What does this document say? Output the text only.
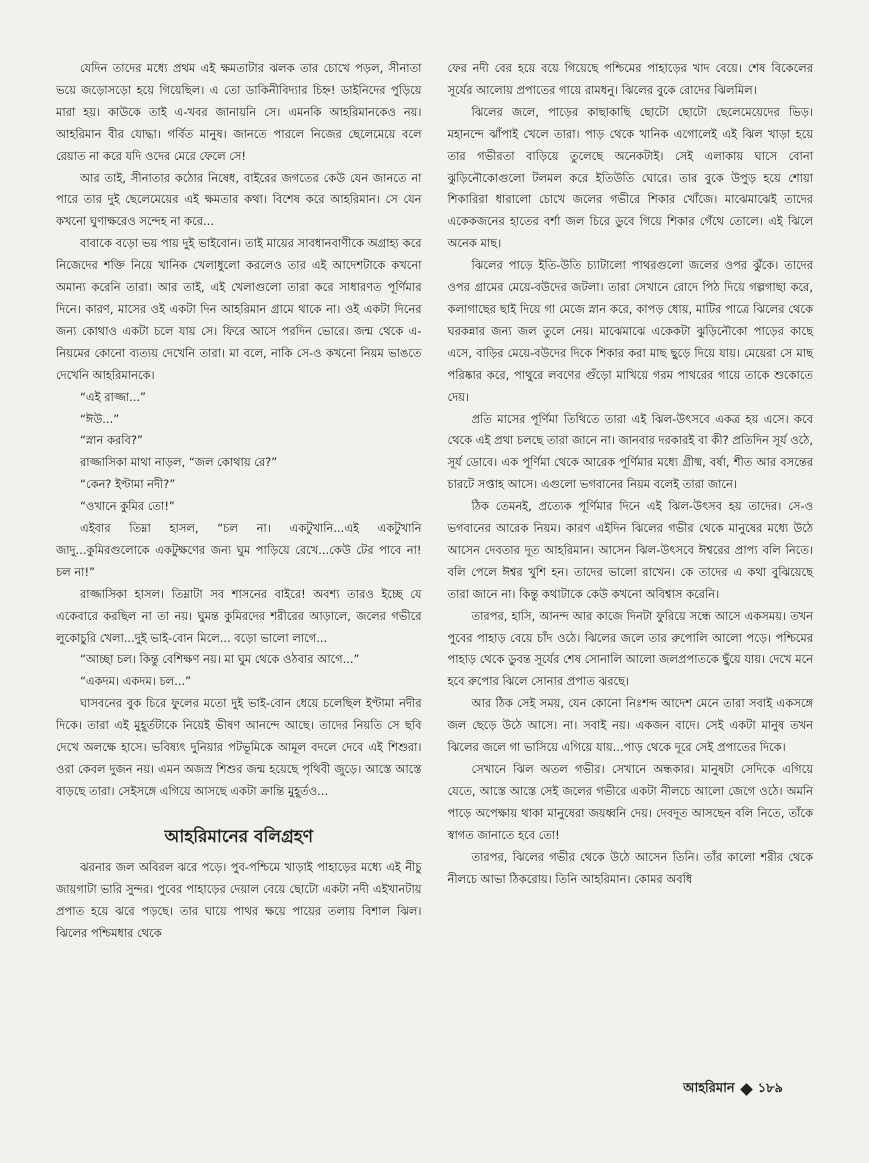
যেদিন তাদের মধ্যে প্রথম এই ক্ষমতাটার ঝলক তার চোখে পড়ল, সীনাতা ভয়ে জড়োসড়ো হয়ে গিয়েছিল। এ তো ডাকিনীবিদ্যার চিহ্ন! ডাইনিদের পুড়িয়ে মারা হয়। কাউকে তাই এ-খবর জানায়নি সে। এমনকি আহরিমানকেও নয়। আহরিমান বীর যোদ্ধা। গর্বিত মানুষ। জানতে পারলে নিজের ছেলেমেয়ে বলে রেয়াত না করে যদি ওদের মেরে ফেলে সে!

আর তাই, সীনাতার কঠোর নিষেধ, বাইরের জগতের কেউ যেন জানতে না পারে তার দুই ছেলেমেয়ের এই ক্ষমতার কথা। বিশেষ করে আহরিমান। সে যেন কখনো ঘুণাক্ষরেও সন্দেহ না করে...

বাবাকে বড়ো ভয় পায় দুই ভাইবোন। তাই মায়ের সাবধানবাণীকে অগ্রাহ্য করে নিজেদের শক্তি নিয়ে খানিক খেলাধুলো করলেও তার এই আদেশটাকে কখনো অমান্য করেনি তারা। আর তাই, এই খেলাগুলো তারা করে সাধারণত পূর্ণিমার দিনে। কারণ, মাসের ওই একটা দিন আহরিমান গ্রামে থাকে না। ওই একটা দিনের জন্য কোথাও একটা চলে যায় সে। ফিরে আসে পরদিন ভোরে। জন্ম থেকে এ-নিয়মের কোনো ব্যত্যয় দেখেনি তারা। মা বলে, নাকি সে-ও কখনো নিয়ম ভাঙতে দেখেনি আহরিমানকে।

“এই রাজ্জা...”

“ঈউ...”

“স্নান করবি?”

রাজ্জাসিকা মাথা নাড়ল, “জল কোথায় রে?”

“কেন? ইণ্টামা নদী?”

“ওখানে কুমির তো!”

এইবার তিম্না হাসল, “চল না। একটুখানি...এই একটুখানি জাদু...কুমিরগুলোকে একটুক্ষণের জন্য ঘুম পাড়িয়ে রেখে...কেউ টের পাবে না! চল না!”

রাজ্জাসিকা হাসল। তিম্নাটা সব শাসনের বাইরে! অবশ্য তারও ইচ্ছে যে একেবারে করছিল না তা নয়। ঘুমন্ত কুমিরদের শরীরের আড়ালে, জলের গভীরে লুকোচুরি খেলা...দুই ভাই-বোন মিলে... বড়ো ভালো লাগে...

“আচ্ছা চল। কিন্তু বেশিক্ষণ নয়। মা ঘুম থেকে ওঠবার আগে...”

“একদম। একদম। চল...”

ঘাসবনের বুক চিরে ফুলের মতো দুই ভাই-বোন ধেয়ে চলেছিল ইণ্টামা নদীর দিকে। তারা এই মুহূর্তটাকে নিয়েই ভীষণ আনন্দে আছে। তাদের নিয়তি সে ছবি দেখে অলক্ষে হাসে। ভবিষ্যৎ দুনিয়ার পটভূমিকে আমূল বদলে দেবে এই শিশুরা। ওরা কেবল দুজন নয়। এমন অজস্র শিশুর জন্ম হয়েছে পৃথিবী জুড়ে। আস্তে আস্তে বাড়ছে তারা। সেইসঙ্গে এগিয়ে আসছে একটা ক্রান্তি মুহূর্তও...

আহরিমানের বলিগ্রহণ

ঝরনার জল অবিরল ঝরে পড়ে। পুব-পশ্চিমে খাড়াই পাহাড়ের মধ্যে এই নীচু জায়গাটা ভারি সুন্দর। পুবের পাহাড়ের দেয়াল বেয়ে ছোটো একটা নদী এইখানটায় প্রপাত হয়ে ঝরে পড়ছে। তার ঘায়ে পাথর ক্ষয়ে পায়ের তলায় বিশাল ঝিল। ঝিলের পশ্চিমধার থেকে

ফের নদী বের হয়ে বয়ে গিয়েছে পশ্চিমের পাহাড়ের খাদ বেয়ে। শেষ বিকেলের সূর্যের আলোয় প্রপাতের গায়ে রামধনু। ঝিলের বুকে রোদের ঝিলমিল।

ঝিলের জলে, পাড়ের কাছাকাছি ছোটো ছোটো ছেলেমেয়েদের ভিড়। মহানন্দে ঝাঁপাই খেলে তারা। পাড় থেকে খানিক এগোলেই এই ঝিল খাড়া হয়ে তার গভীরতা বাড়িয়ে তুলেছে অনেকটাই। সেই এলাকায় ঘাসে বোনা ঝুড়িনৌকোগুলো টলমল করে ইতিউতি ঘোরে। তার বুকে উপুড় হয়ে শোয়া শিকারিরা ধারালো চোখে জলের গভীরে শিকার খোঁজে। মাঝেমাঝেই তাদের একেকজনের হাতের বর্শা জল চিরে ডুবে গিয়ে শিকার গেঁথে তোলে। এই ঝিলে অনেক মাছ।

ঝিলের পাড়ে ইতি-উতি চ্যাটালো পাথরগুলো জলের ওপর ঝুঁকে। তাদের ওপর গ্রামের মেয়ে-বউদের জটলা। তারা সেখানে রোদে পিঠ দিয়ে গল্পগাছা করে, কলাগাছের ছাই দিয়ে গা মেজে স্নান করে, কাপড় ধোয়, মাটির পাত্রে ঝিলের থেকে ঘরকন্নার জন্য জল তুলে নেয়। মাঝেমাঝে একেকটা ঝুড়িনৌকো পাড়ের কাছে এসে, বাড়ির মেয়ে-বউদের দিকে শিকার করা মাছ ছুড়ে দিয়ে যায়। মেয়েরা সে মাছ পরিষ্কার করে, পাথুরে লবণের গুঁড়ো মাখিয়ে গরম পাথরের গায়ে তাকে শুকোতে দেয়।

প্রতি মাসের পূর্ণিমা তিথিতে তারা এই ঝিল-উৎসবে একত্র হয় এসে। কবে থেকে এই প্রথা চলছে তারা জানে না। জানবার দরকারই বা কী? প্রতিদিন সূর্য ওঠে, সূর্য ডোবে। এক পূর্ণিমা থেকে আরেক পূর্ণিমার মধ্যে গ্রীষ্ম, বর্ষা, শীত আর বসন্তের চারটে সপ্তাহ আসে। এগুলো ভগবানের নিয়ম বলেই তারা জানে।

ঠিক তেমনই, প্রত্যেক পূর্ণিমার দিনে এই ঝিল-উৎসব হয় তাদের। সে-ও ভগবানের আরেক নিয়ম। কারণ এইদিন ঝিলের গভীর থেকে মানুষের মধ্যে উঠে আসেন দেবতার দূত আহরিমান। আসেন ঝিল-উৎসবে ঈশ্বরের প্রাপ্য বলি নিতে। বলি পেলে ঈশ্বর খুশি হন। তাদের ভালো রাখেন। কে তাদের এ কথা বুঝিয়েছে তারা জানে না। কিন্তু কথাটাকে কেউ কখনো অবিশ্বাস করেনি।

তারপর, হাসি, আনন্দ আর কাজে দিনটা ফুরিয়ে সন্ধে আসে একসময়। তখন পুবের পাহাড় বেয়ে চাঁদ ওঠে। ঝিলের জলে তার রুপোলি আলো পড়ে। পশ্চিমের পাহাড় থেকে ডুবন্ত সূর্যের শেষ সোনালি আলো জলপ্রপাতকে ছুঁয়ে যায়। দেখে মনে হবে রুপোর ঝিলে সোনার প্রপাত ঝরছে।

আর ঠিক সেই সময়, যেন কোনো নিঃশব্দ আদেশ মেনে তারা সবাই একসঙ্গে জল ছেড়ে উঠে আসে। না। সবাই নয়। একজন বাদে। সেই একটা মানুষ তখন ঝিলের জলে গা ভাসিয়ে এগিয়ে যায়...পাড় থেকে দূরে সেই প্রপাতের দিকে।

সেখানে ঝিল অতল গভীর। সেখানে অন্ধকার। মানুষটা সেদিকে এগিয়ে যেতে, আস্তে আস্তে সেই জলের গভীরে একটা নীলচে আলো জেগে ওঠে। অমনি পাড়ে অপেক্ষায় থাকা মানুষেরা জয়ধ্বনি দেয়। দেবদূত আসছেন বলি নিতে, তাঁকে স্বাগত জানাতে হবে তো!

তারপর, ঝিলের গভীর থেকে উঠে আসেন তিনি। তাঁর কালো শরীর থেকে নীলচে আভা ঠিকরোয়। তিনি আহরিমান। কোমর অবধি

আহরিমান ১৮৯
